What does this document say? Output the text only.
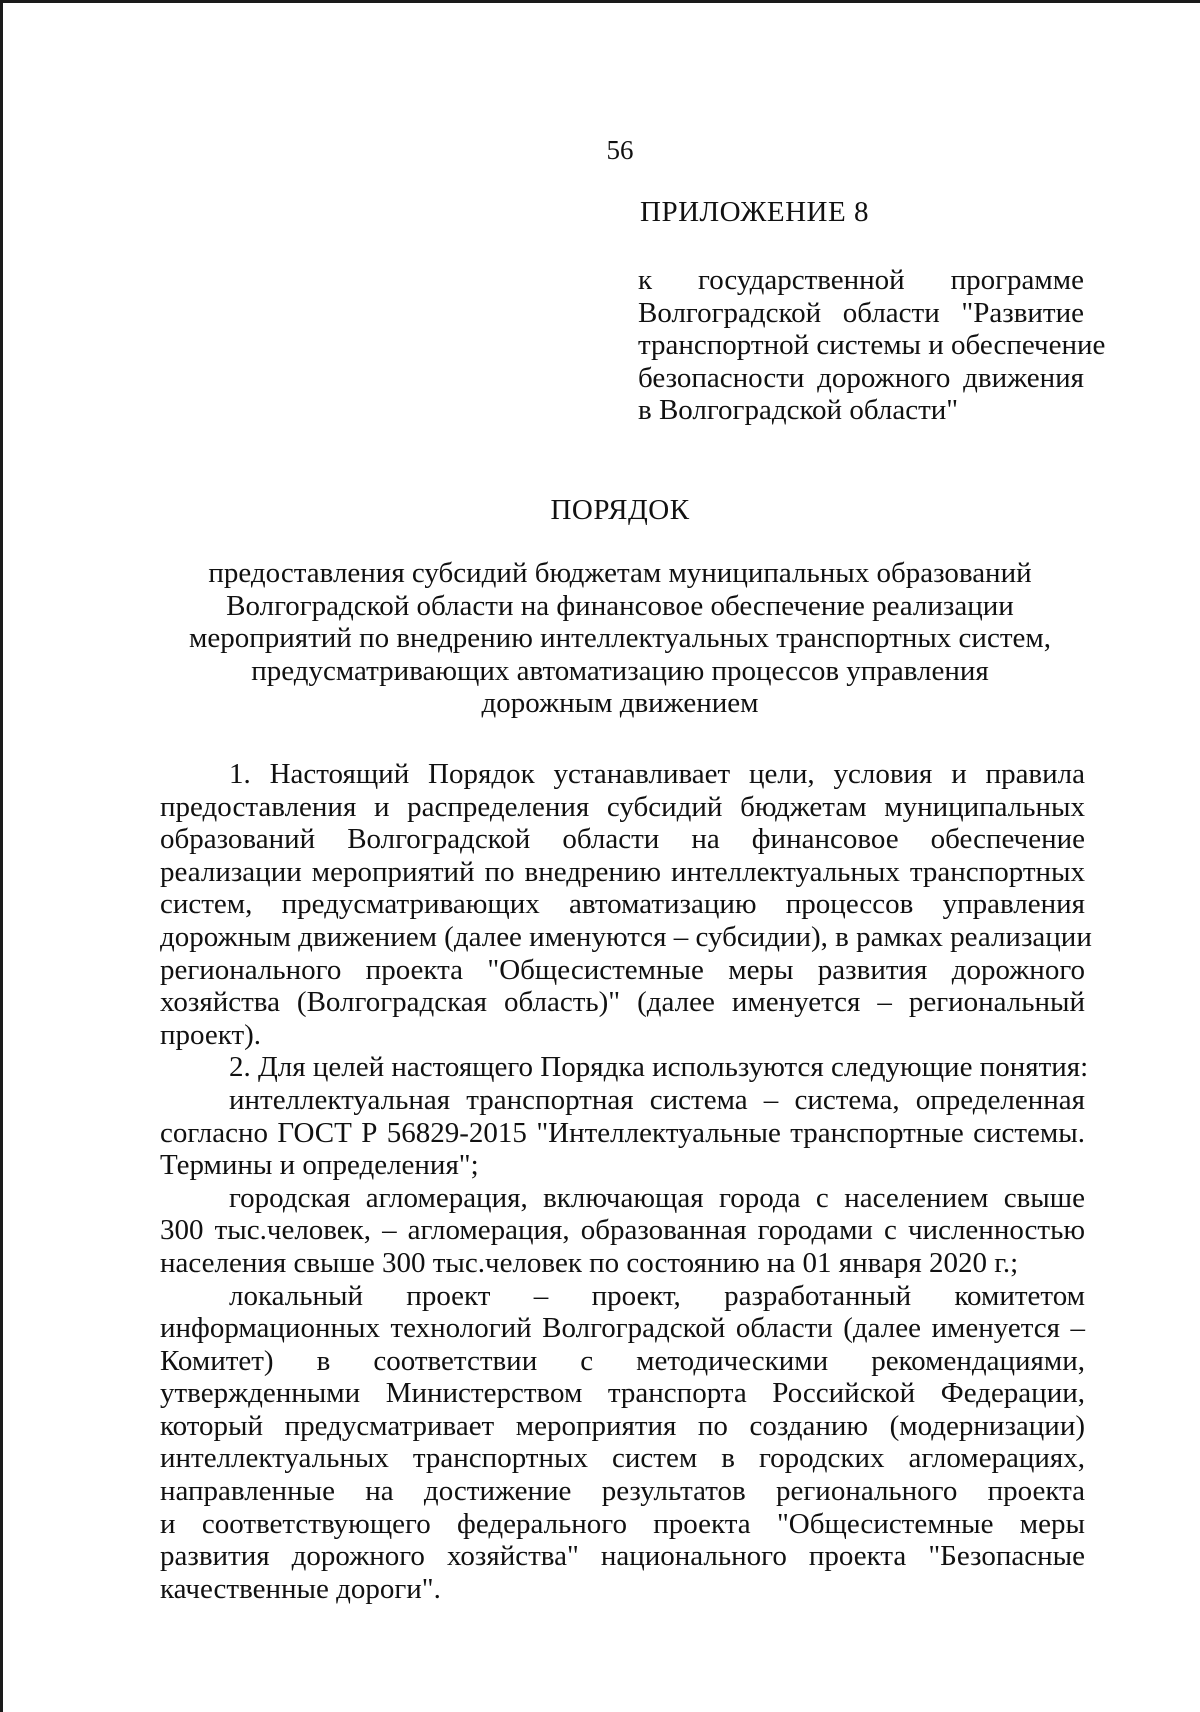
56
ПРИЛОЖЕНИЕ 8
к государственной программе
Волгоградской области "Развитие
транспортной системы и обеспечение
безопасности дорожного движения
в Волгоградской области"
ПОРЯДОК
предоставления субсидий бюджетам муниципальных образований
Волгоградской области на финансовое обеспечение реализации
мероприятий по внедрению интеллектуальных транспортных систем,
предусматривающих автоматизацию процессов управления
дорожным движением
1. Настоящий Порядок устанавливает цели, условия и правила
предоставления и распределения субсидий бюджетам муниципальных
образований Волгоградской области на финансовое обеспечение
реализации мероприятий по внедрению интеллектуальных транспортных
систем, предусматривающих автоматизацию процессов управления
дорожным движением (далее именуются – субсидии), в рамках реализации
регионального проекта "Общесистемные меры развития дорожного
хозяйства (Волгоградская область)" (далее именуется – региональный
проект).
2. Для целей настоящего Порядка используются следующие понятия:
интеллектуальная транспортная система – система, определенная
согласно ГОСТ Р 56829-2015 "Интеллектуальные транспортные системы.
Термины и определения";
городская агломерация, включающая города с населением свыше
300 тыс.человек, – агломерация, образованная городами с численностью
населения свыше 300 тыс.человек по состоянию на 01 января 2020 г.;
локальный проект – проект, разработанный комитетом
информационных технологий Волгоградской области (далее именуется –
Комитет) в соответствии с методическими рекомендациями,
утвержденными Министерством транспорта Российской Федерации,
который предусматривает мероприятия по созданию (модернизации)
интеллектуальных транспортных систем в городских агломерациях,
направленные на достижение результатов регионального проекта
и соответствующего федерального проекта "Общесистемные меры
развития дорожного хозяйства" национального проекта "Безопасные
качественные дороги".
